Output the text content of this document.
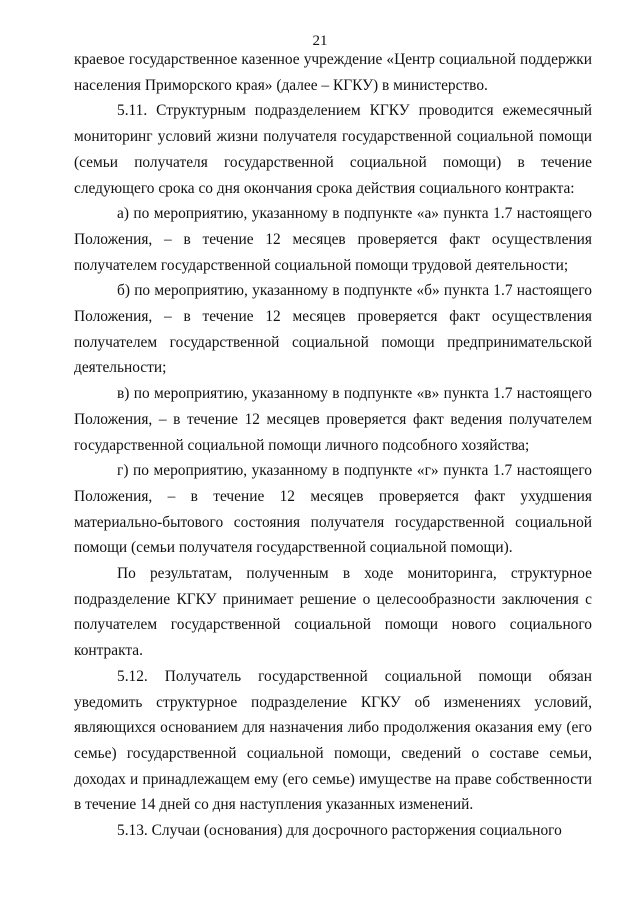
21

краевое государственное казенное учреждение «Центр социальной поддержки населения Приморского края» (далее – КГКУ) в министерство.

5.11. Структурным подразделением КГКУ проводится ежемесячный мониторинг условий жизни получателя государственной социальной помощи (семьи получателя государственной социальной помощи) в течение следующего срока со дня окончания срока действия социального контракта:

а) по мероприятию, указанному в подпункте «а» пункта 1.7 настоящего Положения, – в течение 12 месяцев проверяется факт осуществления получателем государственной социальной помощи трудовой деятельности;

б) по мероприятию, указанному в подпункте «б» пункта 1.7 настоящего Положения, – в течение 12 месяцев проверяется факт осуществления получателем государственной социальной помощи предпринимательской деятельности;

в) по мероприятию, указанному в подпункте «в» пункта 1.7 настоящего Положения, – в течение 12 месяцев проверяется факт ведения получателем государственной социальной помощи личного подсобного хозяйства;

г) по мероприятию, указанному в подпункте «г» пункта 1.7 настоящего Положения, – в течение 12 месяцев проверяется факт ухудшения материально-бытового состояния получателя государственной социальной помощи (семьи получателя государственной социальной помощи).

По результатам, полученным в ходе мониторинга, структурное подразделение КГКУ принимает решение о целесообразности заключения с получателем государственной социальной помощи нового социального контракта.

5.12. Получатель государственной социальной помощи обязан уведомить структурное подразделение КГКУ об изменениях условий, являющихся основанием для назначения либо продолжения оказания ему (его семье) государственной социальной помощи, сведений о составе семьи, доходах и принадлежащем ему (его семье) имуществе на праве собственности в течение 14 дней со дня наступления указанных изменений.

5.13. Случаи (основания) для досрочного расторжения социального
